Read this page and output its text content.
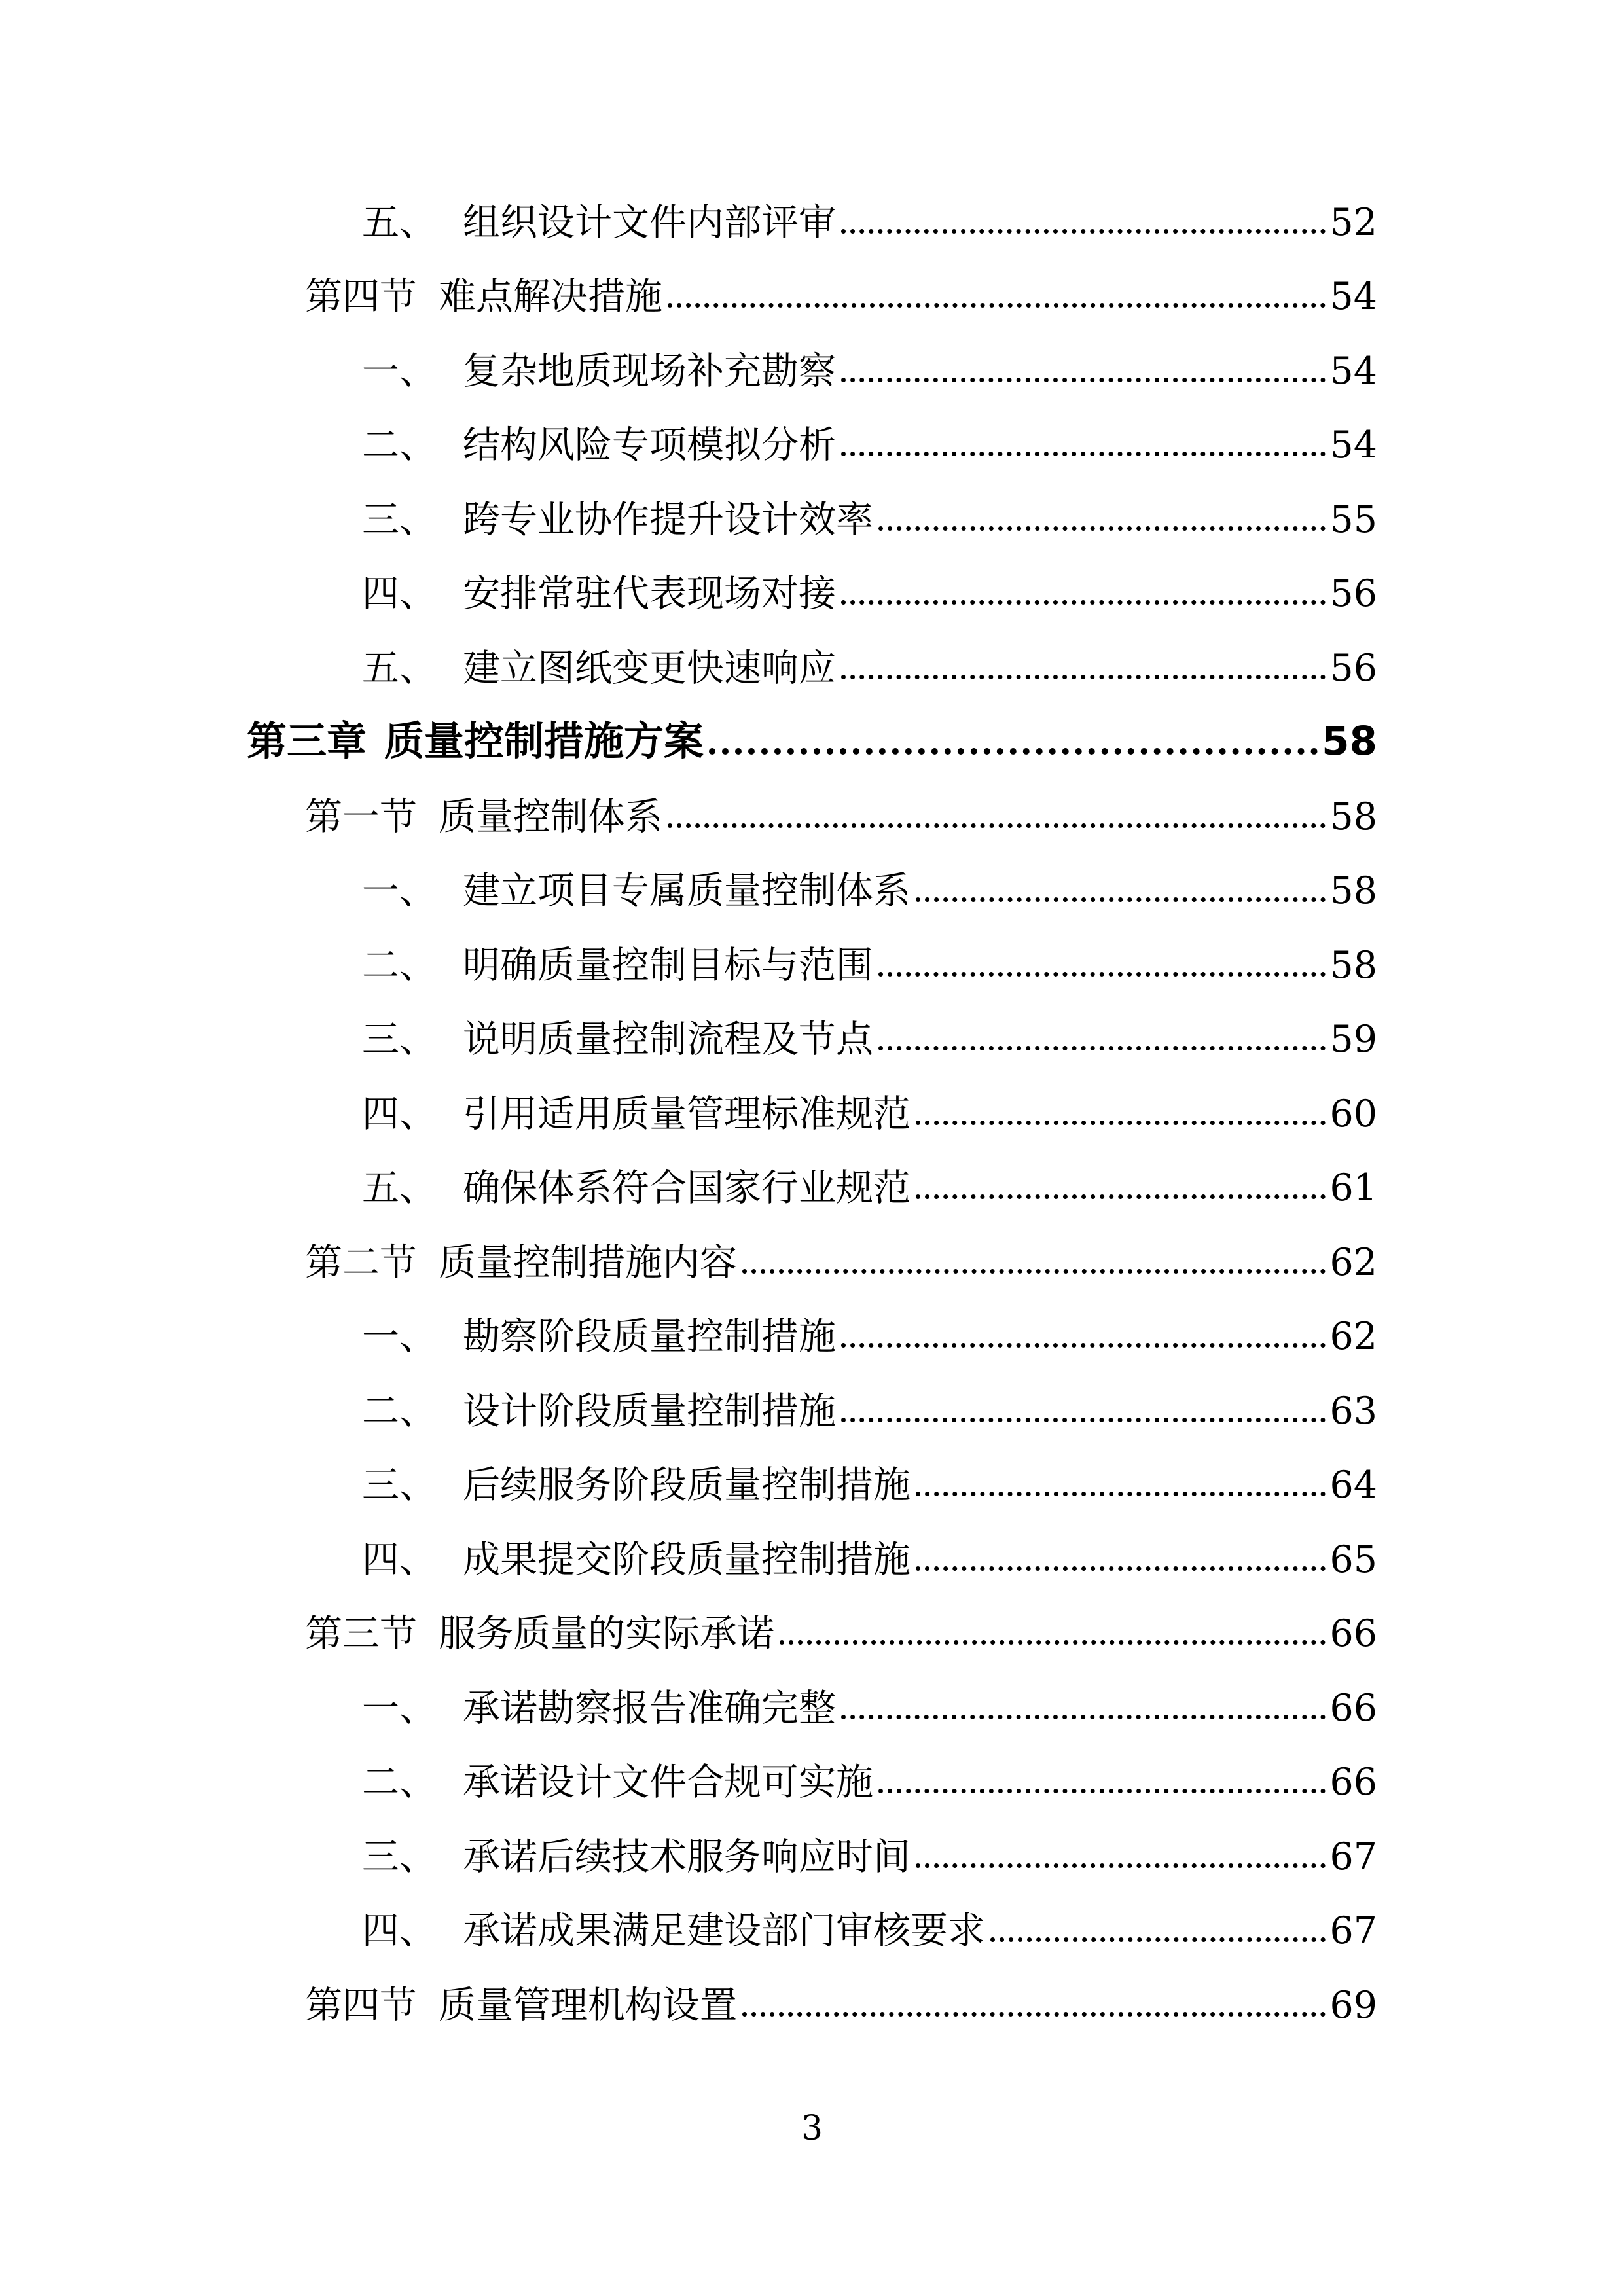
五、 组织设计文件内部评审	52
第四节 难点解决措施	54
一、 复杂地质现场补充勘察	54
二、 结构风险专项模拟分析	54
三、 跨专业协作提升设计效率	55
四、 安排常驻代表现场对接	56
五、 建立图纸变更快速响应	56
第三章 质量控制措施方案	58
第一节 质量控制体系	58
一、 建立项目专属质量控制体系	58
二、 明确质量控制目标与范围	58
三、 说明质量控制流程及节点	59
四、 引用适用质量管理标准规范	60
五、 确保体系符合国家行业规范	61
第二节 质量控制措施内容	62
一、 勘察阶段质量控制措施	62
二、 设计阶段质量控制措施	63
三、 后续服务阶段质量控制措施	64
四、 成果提交阶段质量控制措施	65
第三节 服务质量的实际承诺	66
一、 承诺勘察报告准确完整	66
二、 承诺设计文件合规可实施	66
三、 承诺后续技术服务响应时间	67
四、 承诺成果满足建设部门审核要求	67
第四节 质量管理机构设置	69
3
